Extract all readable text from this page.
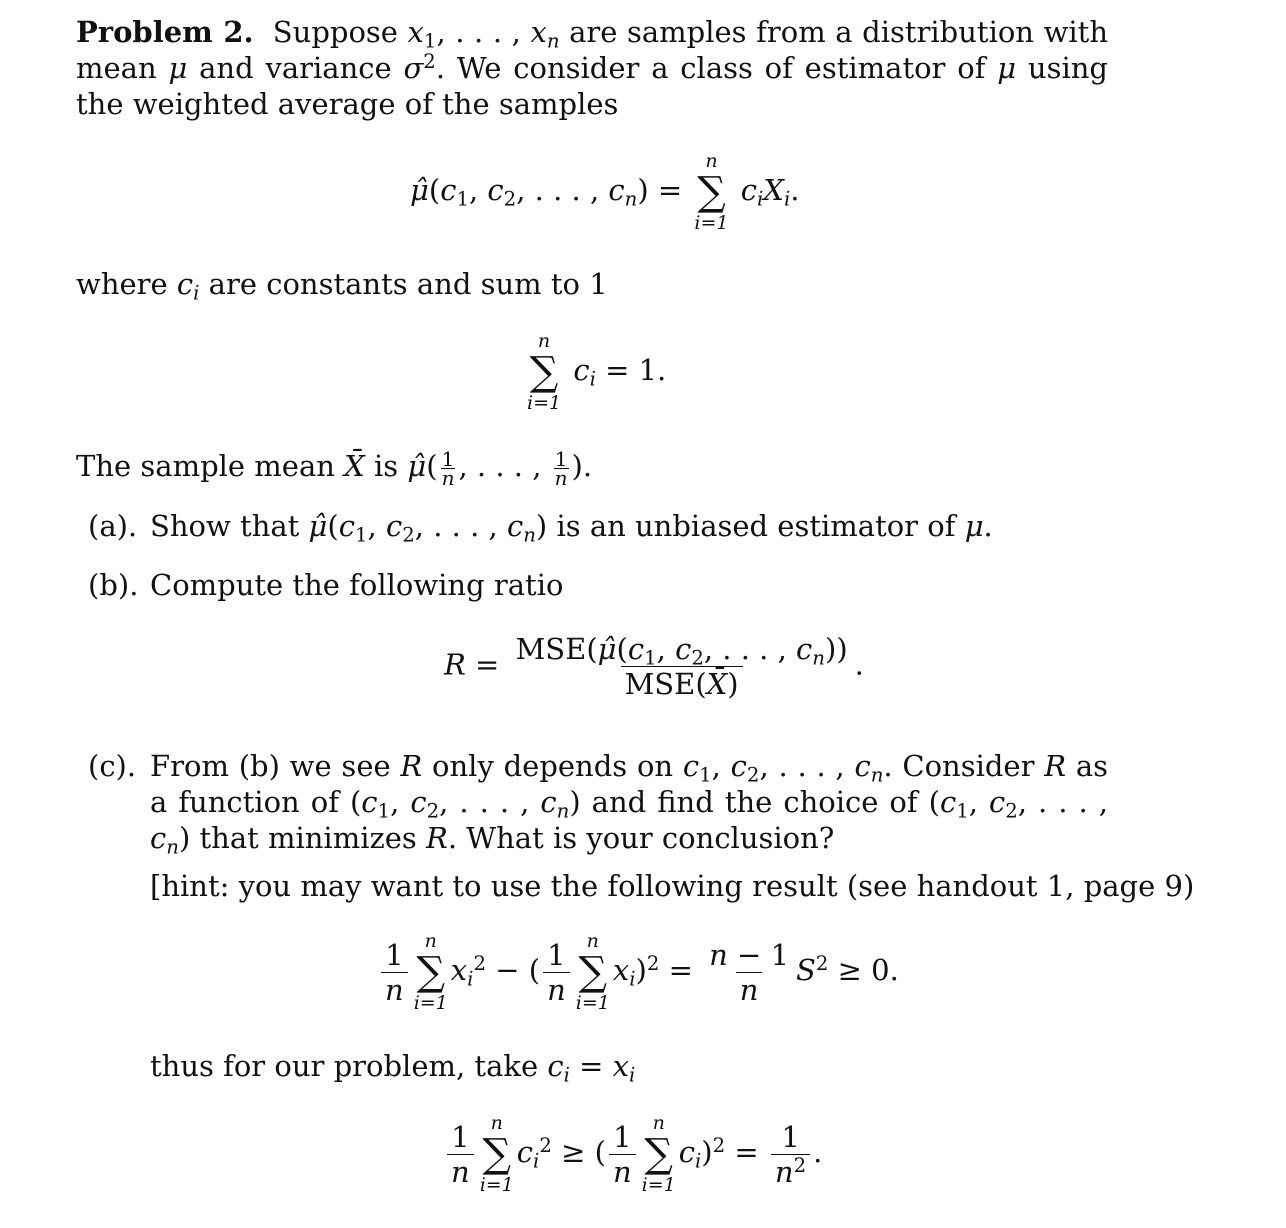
Problem 2.  Suppose $x_1$, . . . , $x_n$ are samples from a distribution with mean μ and variance $\sigma^2$. We consider a class of estimator of μ using the weighted average of the samples

$\mû(c_1$, $c_2$, . . . , $c_n$) =
n
∑
i=1
$c_iX_i$.
where $c_i$ are constants and sum to 1
n
∑
i=1
$c_i = 1$.
The sample mean X̄ is μ̂( $\frac{1}{n}$ , . . . , $\frac{1}{n}$ ).
(a). Show that $\mû(c_1$, $c_2$, . . . , $c_n$) is an unbiased estimator of μ.
(b). Compute the following ratio
$R = \frac{MSE(\mû(c_1, c_2, . . . , c_n))}{\text{MSE(X̄)}}$ .
(c). From (b) we see R only depends on $c_1$, $c_2$, . . . , $c_n$. Consider R as a function of ($c_1$, $c_2$, . . . , $c_n$) and find the choice of ($c_1$, $c_2$, . . . , $c_n$) that minimizes R. What is your conclusion?
[hint: you may want to use the following result (see handout 1, page 9)
$\frac{1}{n}$ n
∑
i=1
$x_i^2$ − ( $\frac{1}{n}$ n
∑
i=1
$x_i)^2 = \frac{n - 1}{n} S^2 \ge 0$.
thus for our problem, take $c_i = x_i$
$\frac{1}{n}$ n
∑
i=1
$c_i^2$ ≥ ( $\frac{1}{n}$ n
∑
i=1
$c_i)^2 = \frac{1}{n^2}$ .
